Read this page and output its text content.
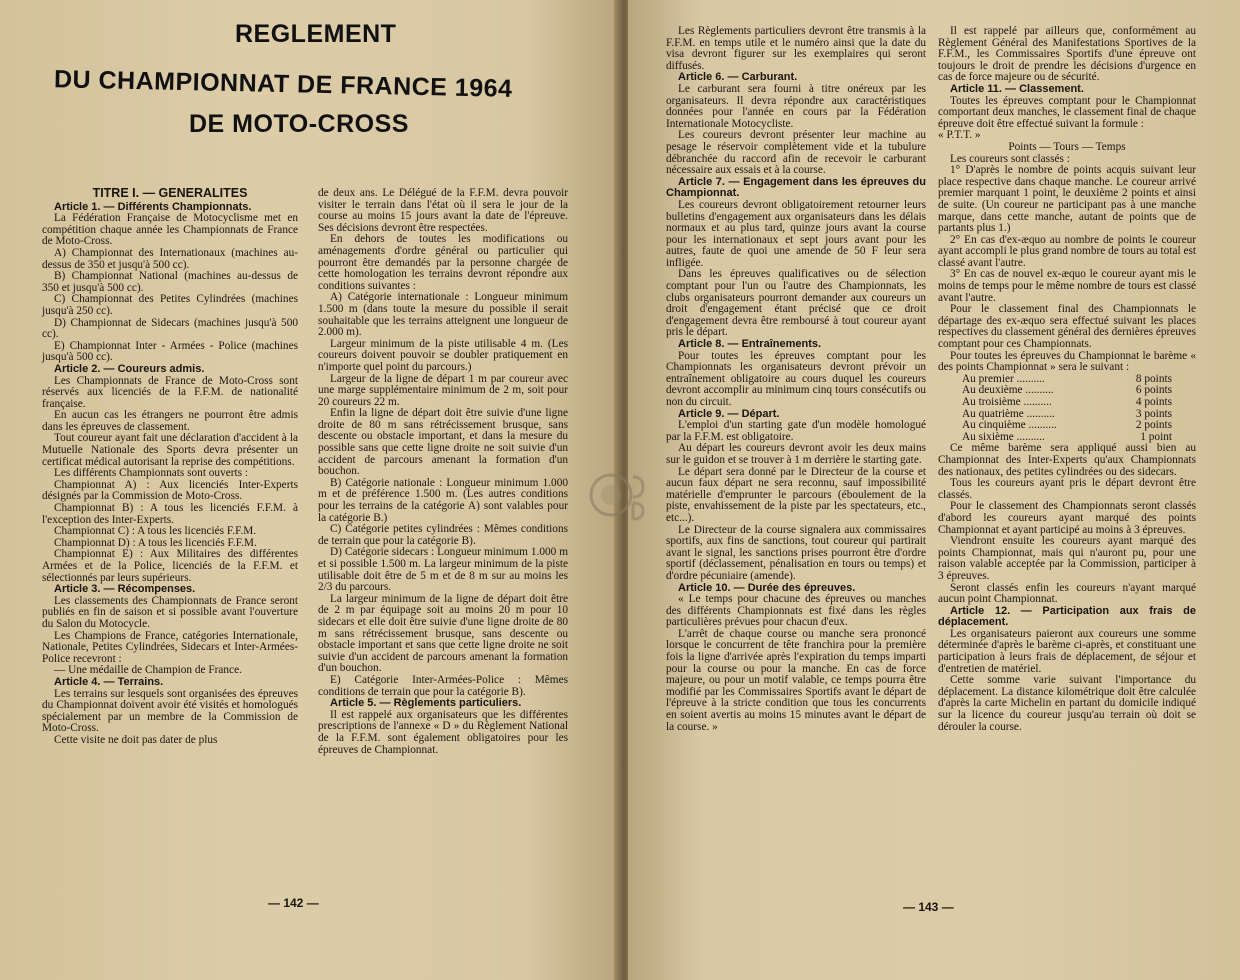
REGLEMENT
DU CHAMPIONNAT DE FRANCE 1964
DE MOTO-CROSS
TITRE I. — GENERALITES

Article 1. — Différents Championnats.

La Fédération Française de Motocyclisme met en compétition chaque année les Championnats de France de Moto-Cross.

A) Championnat des Internationaux (machines au-dessus de 350 et jusqu'à 500 cc).

B) Championnat National (machines au-dessus de 350 et jusqu'à 500 cc).

C) Championnat des Petites Cylindrées (machines jusqu'à 250 cc).

D) Championnat de Sidecars (machines jusqu'à 500 cc).

E) Championnat Inter - Armées - Police (machines jusqu'à 500 cc).

Article 2. — Coureurs admis.

Les Championnats de France de Moto-Cross sont réservés aux licenciés de la F.F.M. de nationalité française.

En aucun cas les étrangers ne pourront être admis dans les épreuves de classement.

Tout coureur ayant fait une déclaration d'accident à la Mutuelle Nationale des Sports devra présenter un certificat médical autorisant la reprise des compétitions.

Les différents Championnats sont ouverts :

Championnat A) : Aux licenciés Inter-Experts désignés par la Commission de Moto-Cross.

Championnat B) : A tous les licenciés F.F.M. à l'exception des Inter-Experts.

Championnat C) : A tous les licenciés F.F.M.

Championnat D) : A tous les licenciés F.F.M.

Championnat E) : Aux Militaires des différentes Armées et de la Police, licenciés de la F.F.M. et sélectionnés par leurs supérieurs.

Article 3. — Récompenses.

Les classements des Championnats de France seront publiés en fin de saison et si possible avant l'ouverture du Salon du Motocycle.

Les Champions de France, catégories Internationale, Nationale, Petites Cylindrées, Sidecars et Inter-Armées-Police recevront :

— Une médaille de Champion de France.

Article 4. — Terrains.

Les terrains sur lesquels sont organisées des épreuves du Championnat doivent avoir été visités et homologués spécialement par un membre de la Commission de Moto-Cross.

Cette visite ne doit pas dater de plus

de deux ans. Le Délégué de la F.F.M. devra pouvoir visiter le terrain dans l'état où il sera le jour de la course au moins 15 jours avant la date de l'épreuve. Ses décisions devront être respectées.

En dehors de toutes les modifications ou aménagements d'ordre général ou particulier qui pourront être demandés par la personne chargée de cette homologation les terrains devront répondre aux conditions suivantes :

A) Catégorie internationale : Longueur minimum 1.500 m (dans toute la mesure du possible il serait souhaitable que les terrains atteignent une longueur de 2.000 m).

Largeur minimum de la piste utilisable 4 m. (Les coureurs doivent pouvoir se doubler pratiquement en n'importe quel point du parcours.)

Largeur de la ligne de départ 1 m par coureur avec une marge supplémentaire minimum de 2 m, soit pour 20 coureurs 22 m.

Enfin la ligne de départ doit être suivie d'une ligne droite de 80 m sans rétrécissement brusque, sans descente ou obstacle important, et dans la mesure du possible sans que cette ligne droite ne soit suivie d'un accident de parcours amenant la formation d'un bouchon.

B) Catégorie nationale : Longueur minimum 1.000 m et de préférence 1.500 m. (Les autres conditions pour les terrains de la catégorie A) sont valables pour la catégorie B.)

C) Catégorie petites cylindrées : Mêmes conditions de terrain que pour la catégorie B).

D) Catégorie sidecars : Longueur minimum 1.000 m et si possible 1.500 m. La largeur minimum de la piste utilisable doit être de 5 m et de 8 m sur au moins les 2/3 du parcours.

La largeur minimum de la ligne de départ doit être de 2 m par équipage soit au moins 20 m pour 10 sidecars et elle doit être suivie d'une ligne droite de 80 m sans rétrécissement brusque, sans descente ou obstacle important et sans que cette ligne droite ne soit suivie d'un accident de parcours amenant la formation d'un bouchon.

E) Catégorie Inter-Armées-Police : Mêmes conditions de terrain que pour la catégorie B).

Article 5. — Règlements particuliers.

Il est rappelé aux organisateurs que les différentes prescriptions de l'annexe « D » du Règlement National de la F.F.M. sont également obligatoires pour les épreuves de Championnat.

— 142 —

Les Règlements particuliers devront être transmis à la F.F.M. en temps utile et le numéro ainsi que la date du visa devront figurer sur les exemplaires qui seront diffusés.

Article 6. — Carburant.

Le carburant sera fourni à titre onéreux par les organisateurs. Il devra répondre aux caractéristiques données pour l'année en cours par la Fédération Internationale Motocycliste.

Les coureurs devront présenter leur machine au pesage le réservoir complètement vide et la tubulure débranchée du raccord afin de recevoir le carburant nécessaire aux essais et à la course.

Article 7. — Engagement dans les épreuves du Championnat.

Les coureurs devront obligatoirement retourner leurs bulletins d'engagement aux organisateurs dans les délais normaux et au plus tard, quinze jours avant la course pour les internationaux et sept jours avant pour les autres, faute de quoi une amende de 50 F leur sera infligée.

Dans les épreuves qualificatives ou de sélection comptant pour l'un ou l'autre des Championnats, les clubs organisateurs pourront demander aux coureurs un droit d'engagement étant précisé que ce droit d'engagement devra être remboursé à tout coureur ayant pris le départ.

Article 8. — Entraînements.

Pour toutes les épreuves comptant pour les Championnats les organisateurs devront prévoir un entraînement obligatoire au cours duquel les coureurs devront accomplir au minimum cinq tours consécutifs ou non du circuit.

Article 9. — Départ.

L'emploi d'un starting gate d'un modèle homologué par la F.F.M. est obligatoire.

Au départ les coureurs devront avoir les deux mains sur le guidon et se trouver à 1 m derrière le starting gate.

Le départ sera donné par le Directeur de la course et aucun faux départ ne sera reconnu, sauf impossibilité matérielle d'emprunter le parcours (éboulement de la piste, envahissement de la piste par les spectateurs, etc., etc...).

Le Directeur de la course signalera aux commissaires sportifs, aux fins de sanctions, tout coureur qui partirait avant le signal, les sanctions prises pourront être d'ordre sportif (déclassement, pénalisation en tours ou temps) et d'ordre pécuniaire (amende).

Article 10. — Durée des épreuves.

« Le temps pour chacune des épreuves ou manches des différents Championnats est fixé dans les règles particulières prévues pour chacun d'eux.

L'arrêt de chaque course ou manche sera prononcé lorsque le concurrent de tête franchira pour la première fois la ligne d'arrivée après l'expiration du temps imparti pour la course ou pour la manche. En cas de force majeure, ou pour un motif valable, ce temps pourra être modifié par les Commissaires Sportifs avant le départ de l'épreuve à la stricte condition que tous les concurrents en soient avertis au moins 15 minutes avant le départ de la course. »

Il est rappelé par ailleurs que, conformément au Règlement Général des Manifestations Sportives de la F.F.M., les Commissaires Sportifs d'une épreuve ont toujours le droit de prendre les décisions d'urgence en cas de force majeure ou de sécurité.

Article 11. — Classement.

Toutes les épreuves comptant pour le Championnat comportant deux manches, le classement final de chaque épreuve doit être effectué suivant la formule :

« P.T.T. »

Points — Tours — Temps

Les coureurs sont classés :

1° D'après le nombre de points acquis suivant leur place respective dans chaque manche. Le coureur arrivé premier marquant 1 point, le deuxième 2 points et ainsi de suite. (Un coureur ne participant pas à une manche marque, dans cette manche, autant de points que de partants plus 1.)

2° En cas d'ex-æquo au nombre de points le coureur ayant accompli le plus grand nombre de tours au total est classé avant l'autre.

3° En cas de nouvel ex-æquo le coureur ayant mis le moins de temps pour le même nombre de tours est classé avant l'autre.

Pour le classement final des Championnats le départage des ex-æquo sera effectué suivant les places respectives du classement général des dernières épreuves comptant pour ces Championnats.

Pour toutes les épreuves du Championnat le barème « des points Championnat » sera le suivant :

Au premier ..........	8 points
Au deuxième ..........	6 points
Au troisième ..........	4 points
Au quatrième ..........	3 points
Au cinquième ..........	2 points
Au sixième ..........	1 point

Ce même barème sera appliqué aussi bien au Championnat des Inter-Experts qu'aux Championnats des nationaux, des petites cylindrées ou des sidecars.

Tous les coureurs ayant pris le départ devront être classés.

Pour le classement des Championnats seront classés d'abord les coureurs ayant marqué des points Championnat et ayant participé au moins à 3 épreuves.

Viendront ensuite les coureurs ayant marqué des points Championnat, mais qui n'auront pu, pour une raison valable acceptée par la Commission, participer à 3 épreuves.

Seront classés enfin les coureurs n'ayant marqué aucun point Championnat.

Article 12. — Participation aux frais de déplacement.

Les organisateurs paieront aux coureurs une somme déterminée d'après le barème ci-après, et constituant une participation à leurs frais de déplacement, de séjour et d'entretien de matériel.

Cette somme varie suivant l'importance du déplacement. La distance kilométrique doit être calculée d'après la carte Michelin en partant du domicile indiqué sur la licence du coureur jusqu'au terrain où doit se dérouler la course.

— 143 —
